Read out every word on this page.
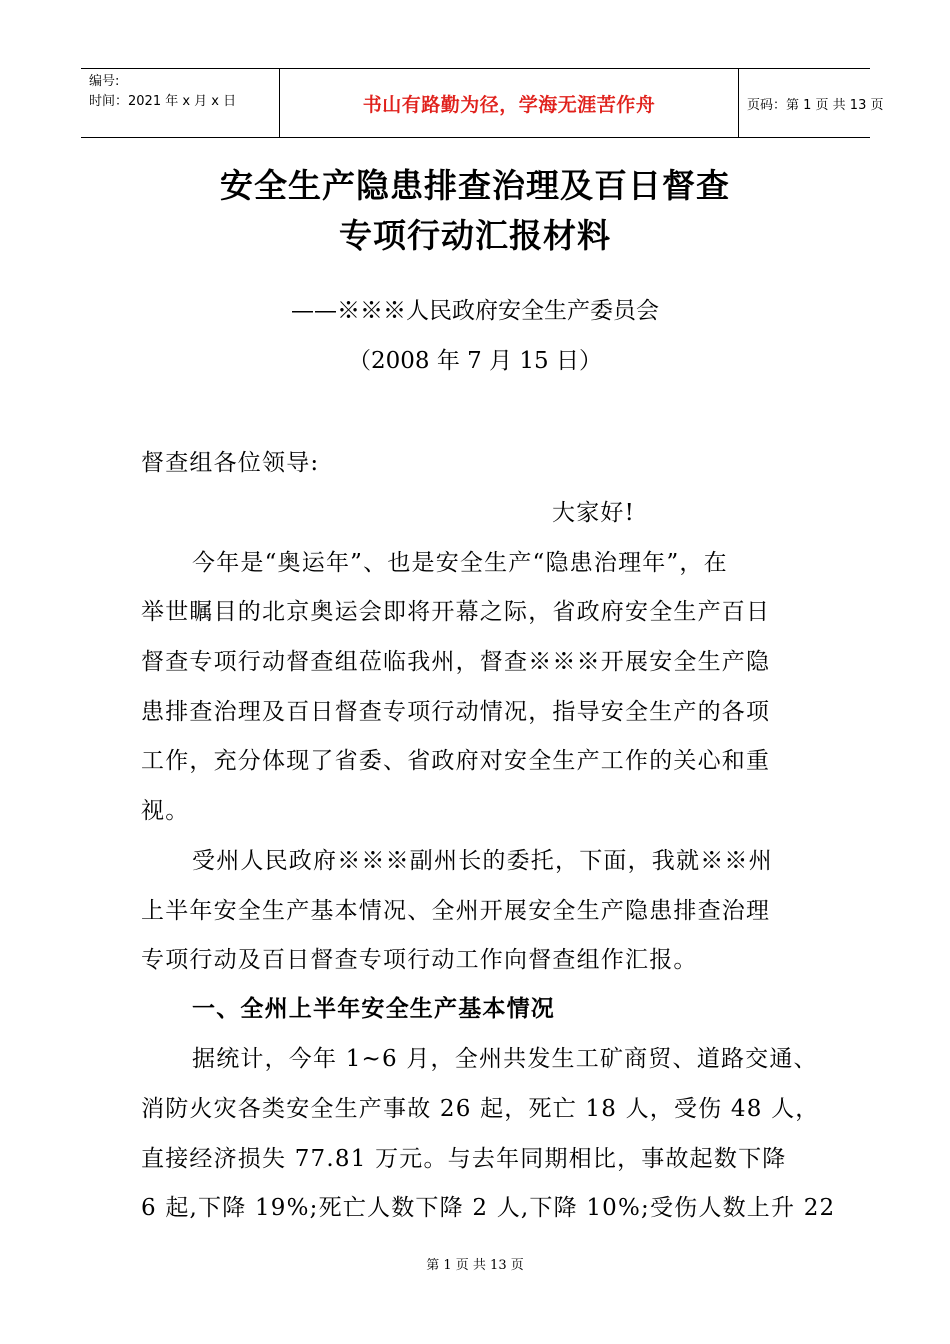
编号:
时间：2021 年 x 月 x 日	书山有路勤为径，学海无涯苦作舟	页码：第 1 页 共 13 页
安全生产隐患排查治理及百日督查
专项行动汇报材料
——※※※人民政府安全生产委员会
（2008 年 7 月 15 日）
督查组各位领导:
大家好!
今年是“奥运年”、也是安全生产“隐患治理年”，在
举世瞩目的北京奥运会即将开幕之际，省政府安全生产百日
督查专项行动督查组莅临我州，督查※※※开展安全生产隐
患排查治理及百日督查专项行动情况，指导安全生产的各项
工作，充分体现了省委、省政府对安全生产工作的关心和重
视。
受州人民政府※※※副州长的委托，下面，我就※※州
上半年安全生产基本情况、全州开展安全生产隐患排查治理
专项行动及百日督查专项行动工作向督查组作汇报。
一、全州上半年安全生产基本情况
据统计，今年 1~6 月，全州共发生工矿商贸、道路交通、
消防火灾各类安全生产事故 26 起，死亡 18 人，受伤 48 人，
直接经济损失 77.81 万元。与去年同期相比，事故起数下降
6 起,下降 19%;死亡人数下降 2 人,下降 10%;受伤人数上升 22
第 1 页 共 13 页
